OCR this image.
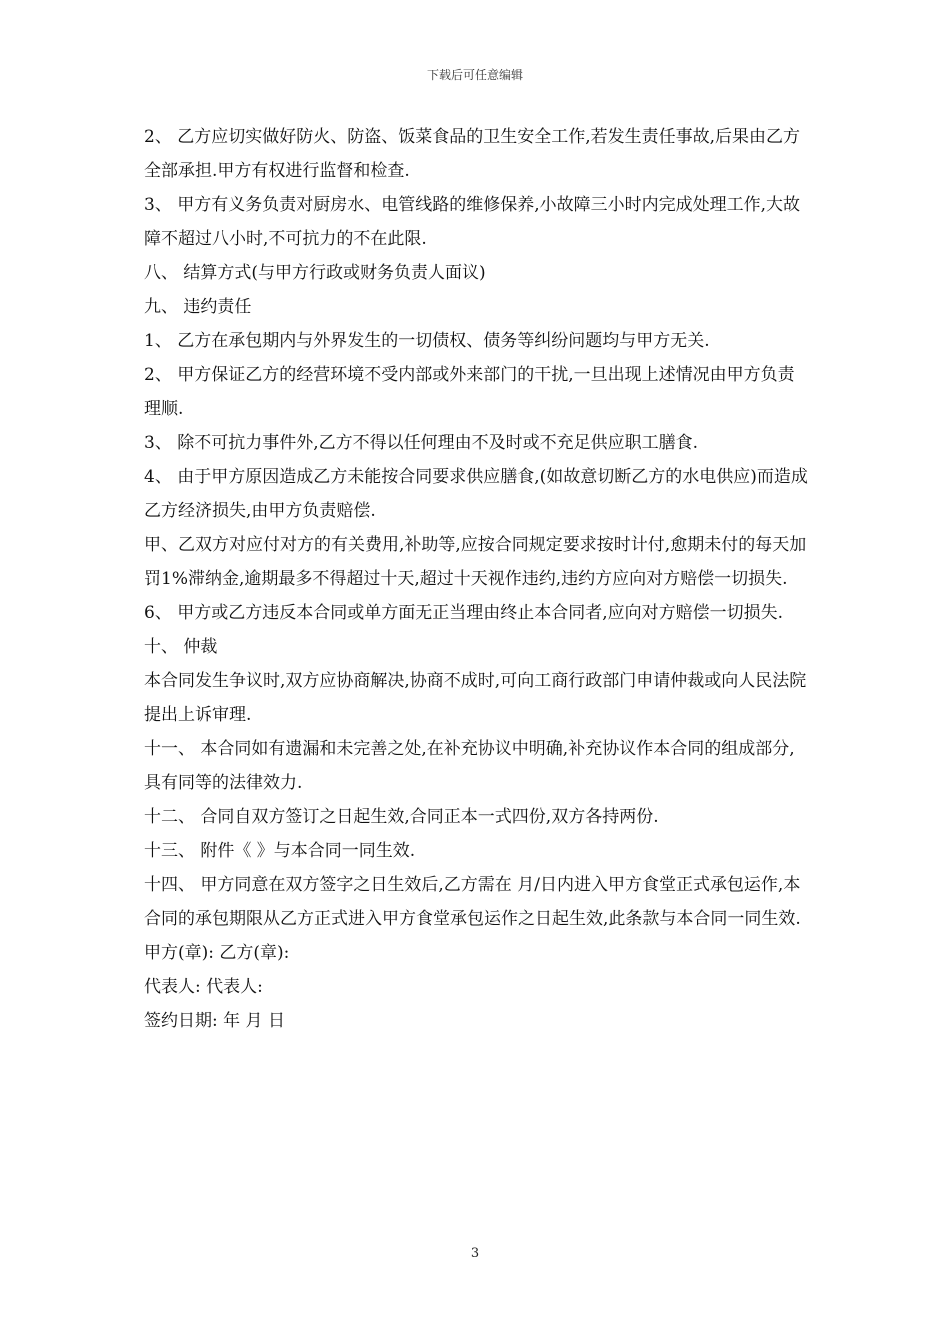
下载后可任意编辑

2、 乙方应切实做好防火、防盗、饭菜食品的卫生安全工作,若发生责任事故,后果由乙方全部承担.甲方有权进行监督和检查.

3、 甲方有义务负责对厨房水、电管线路的维修保养,小故障三小时内完成处理工作,大故障不超过八小时,不可抗力的不在此限.

八、 结算方式(与甲方行政或财务负责人面议)

九、 违约责任

1、 乙方在承包期内与外界发生的一切债权、债务等纠纷问题均与甲方无关.

2、 甲方保证乙方的经营环境不受内部或外来部门的干扰,一旦出现上述情况由甲方负责理顺.

3、 除不可抗力事件外,乙方不得以任何理由不及时或不充足供应职工膳食.

4、 由于甲方原因造成乙方未能按合同要求供应膳食,(如故意切断乙方的水电供应)而造成乙方经济损失,由甲方负责赔偿.

甲、乙双方对应付对方的有关费用,补助等,应按合同规定要求按时计付,愈期未付的每天加罚1%滞纳金,逾期最多不得超过十天,超过十天视作违约,违约方应向对方赔偿一切损失.

6、 甲方或乙方违反本合同或单方面无正当理由终止本合同者,应向对方赔偿一切损失.

十、 仲裁

本合同发生争议时,双方应协商解决,协商不成时,可向工商行政部门申请仲裁或向人民法院提出上诉审理.

十一、 本合同如有遗漏和未完善之处,在补充协议中明确,补充协议作本合同的组成部分,具有同等的法律效力.

十二、 合同自双方签订之日起生效,合同正本一式四份,双方各持两份.

十三、 附件《 》与本合同一同生效.

十四、 甲方同意在双方签字之日生效后,乙方需在 月/日内进入甲方食堂正式承包运作,本

合同的承包期限从乙方正式进入甲方食堂承包运作之日起生效,此条款与本合同一同生效.

甲方(章): 乙方(章):

代表人: 代表人:

签约日期: 年 月 日

3
